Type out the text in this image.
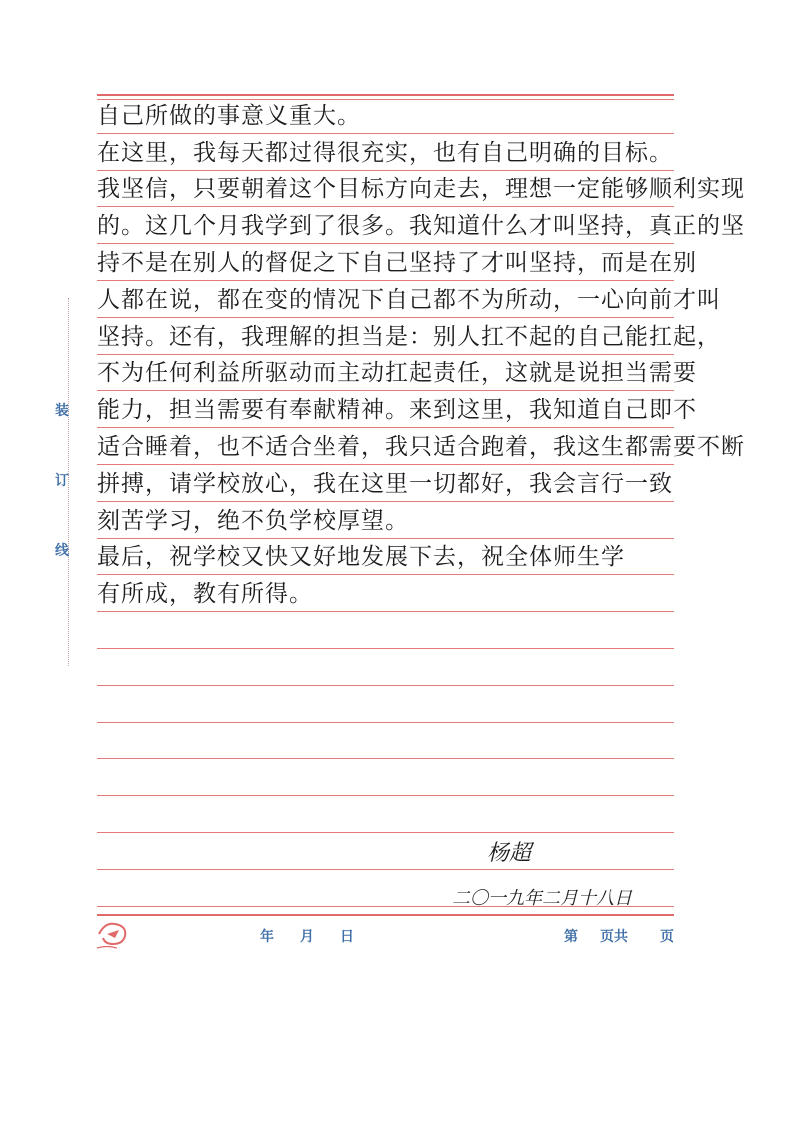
装
订
线
自己所做的事意义重大。
在这里，我每天都过得很充实，也有自己明确的目标。
我坚信，只要朝着这个目标方向走去，理想一定能够顺利实现
的。这几个月我学到了很多。我知道什么才叫坚持，真正的坚
持不是在别人的督促之下自己坚持了才叫坚持，而是在别
人都在说，都在变的情况下自己都不为所动，一心向前才叫
坚持。还有，我理解的担当是：别人扛不起的自己能扛起，
不为任何利益所驱动而主动扛起责任，这就是说担当需要
能力，担当需要有奉献精神。来到这里，我知道自己即不
适合睡着，也不适合坐着，我只适合跑着，我这生都需要不断
拼搏，请学校放心，我在这里一切都好，我会言行一致
刻苦学习，绝不负学校厚望。
最后，祝学校又快又好地发展下去，祝全体师生学
有所成，教有所得。
杨超
二〇一九年二月十八日
年 月 日	第 页共 页
